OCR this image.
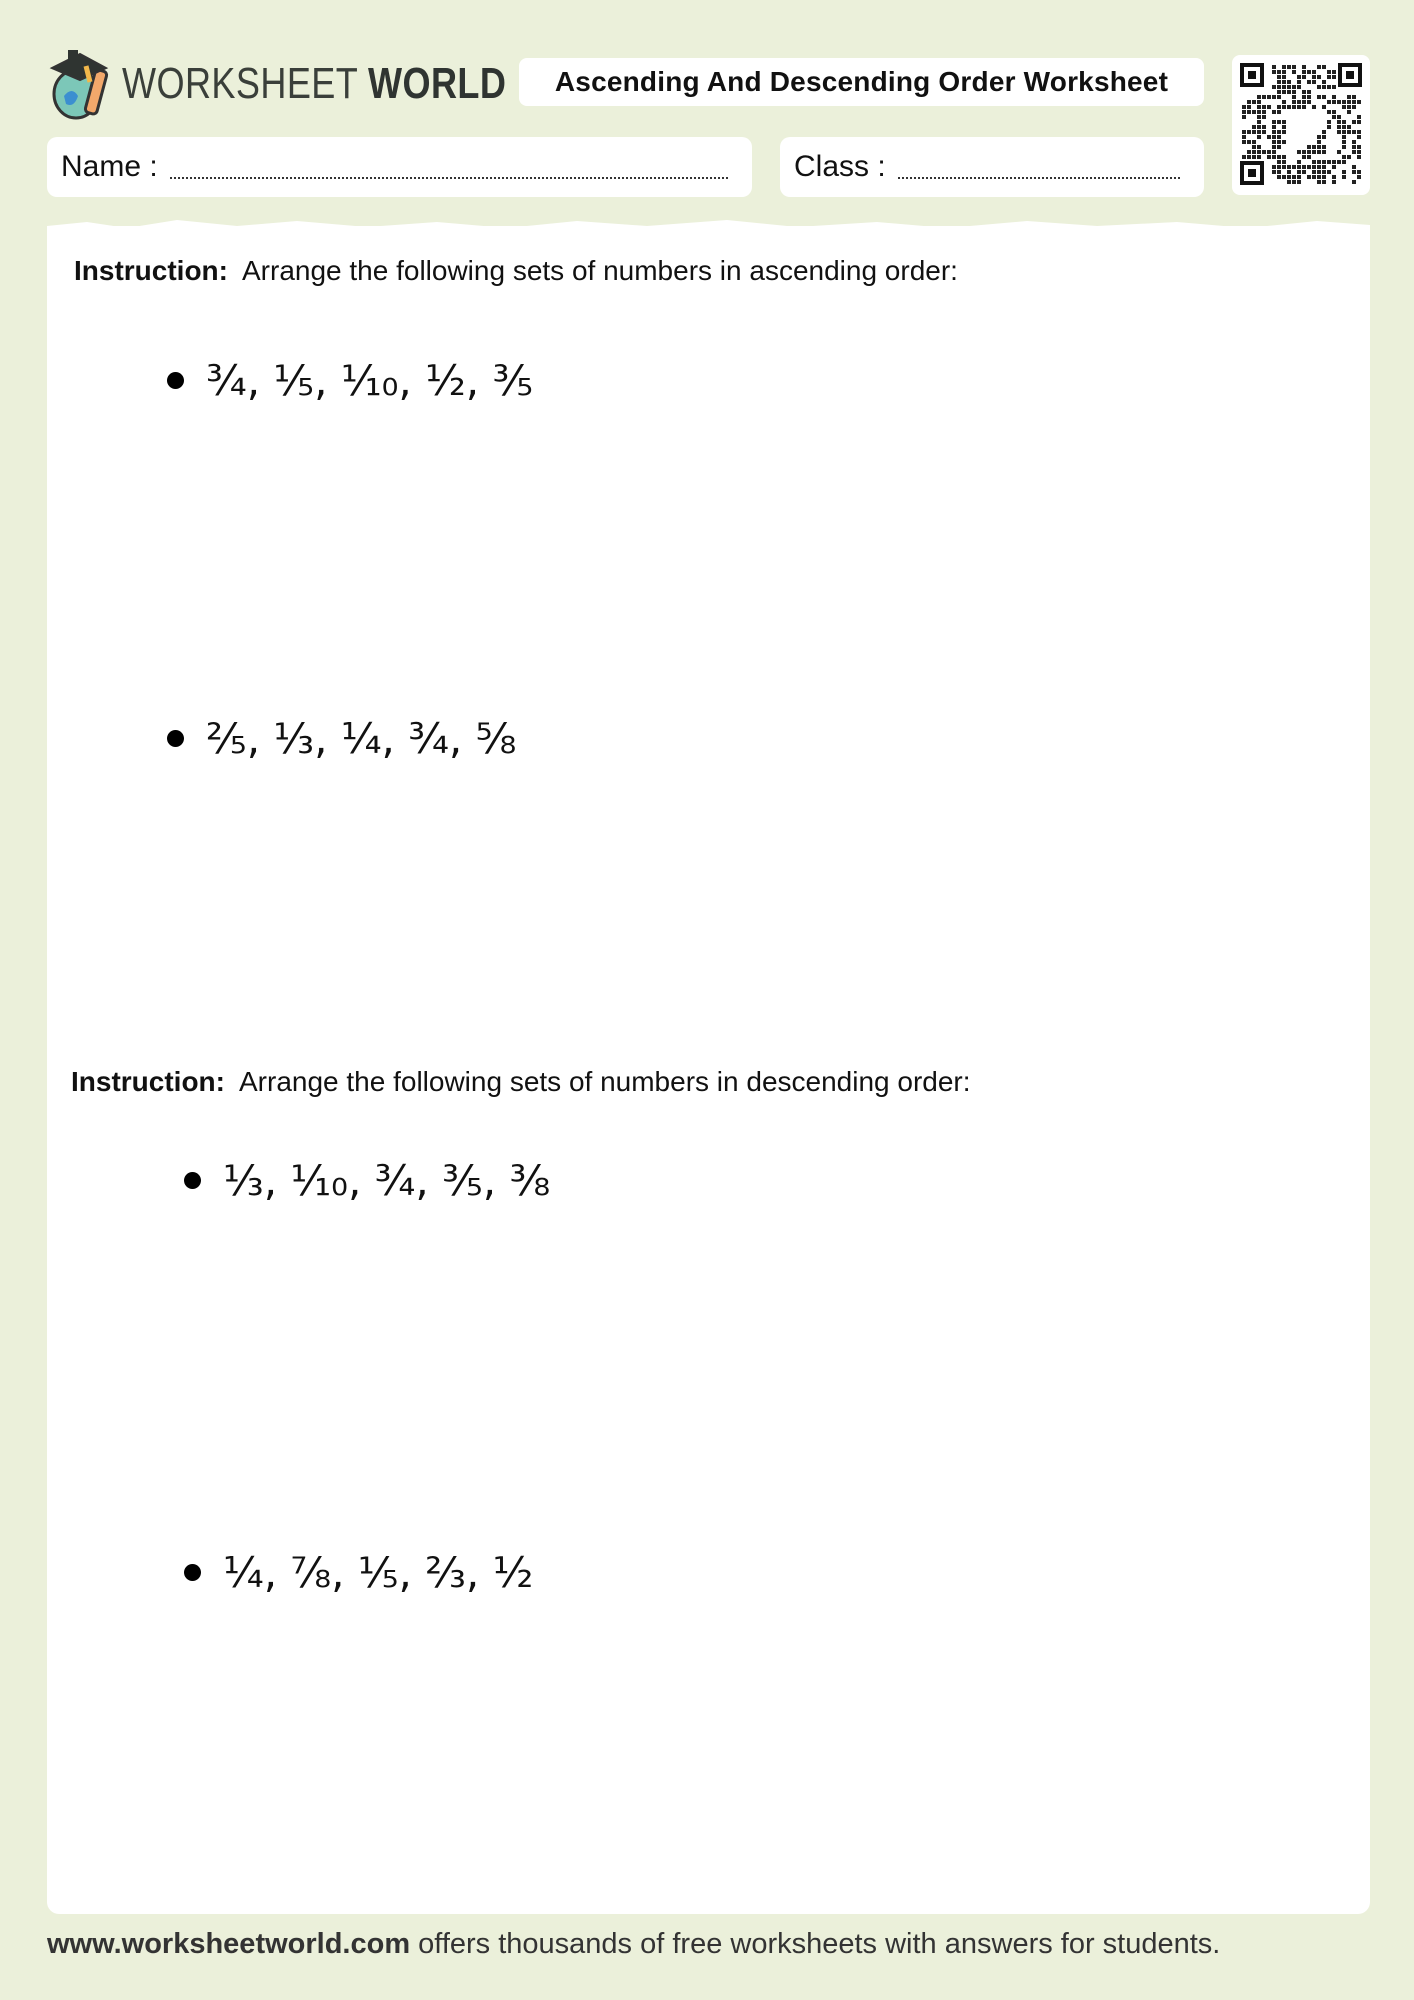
WORKSHEET WORLD	Ascending And Descending Order Worksheet
Name :	Class :
Instruction: Arrange the following sets of numbers in ascending order:
¾, ⅕, ⅒, ½, ⅗
⅖, ⅓, ¼, ¾, ⅝
Instruction: Arrange the following sets of numbers in descending order:
⅓, ⅒, ¾, ⅗, ⅜
¼, ⅞, ⅕, ⅔, ½
www.worksheetworld.com offers thousands of free worksheets with answers for students.
